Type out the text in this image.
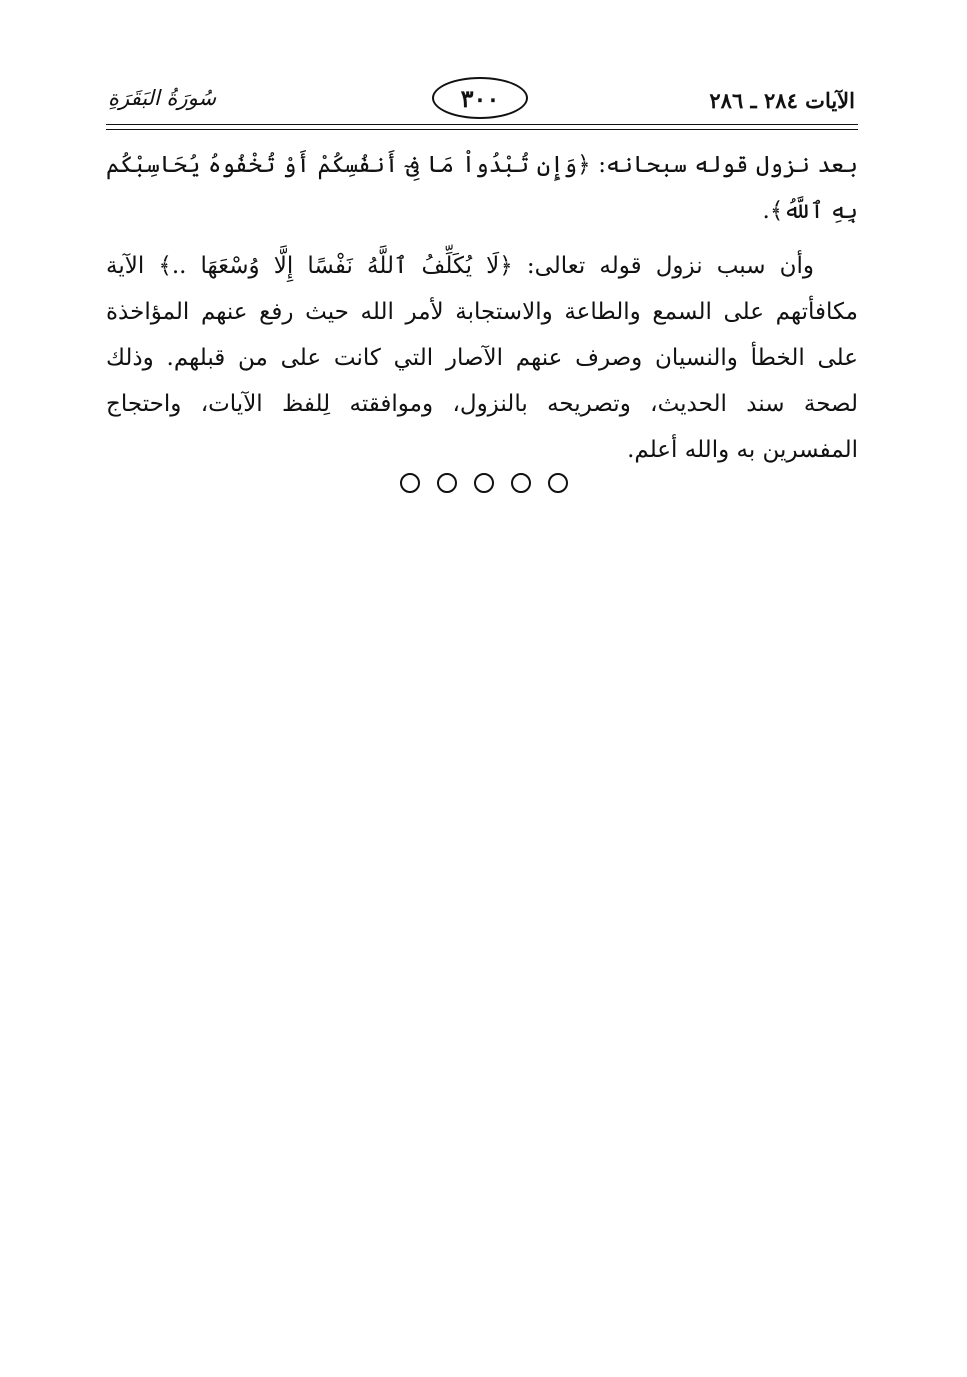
الآيات ٢٨٤ ـ ٢٨٦
٣٠٠
سُورَةُ البَقَرَةِ

بعد نزول قوله سبحانه: ﴿وَإِن تُبْدُواْ مَا فِىٓ أَنفُسِكُمْ أَوْ تُخْفُوهُ يُحَاسِبْكُم بِهِ ٱللَّهُ﴾.

وأن سبب نزول قوله تعالى: ﴿لَا يُكَلِّفُ ٱللَّهُ نَفْسًا إِلَّا وُسْعَهَا ..﴾ الآية مكافأتهم على السمع والطاعة والاستجابة لأمر الله حيث رفع عنهم المؤاخذة على الخطأ والنسيان وصرف عنهم الآصار التي كانت على من قبلهم. وذلك لصحة سند الحديث، وتصريحه بالنزول، وموافقته لِلفظ الآيات، واحتجاج المفسرين به والله أعلم.
